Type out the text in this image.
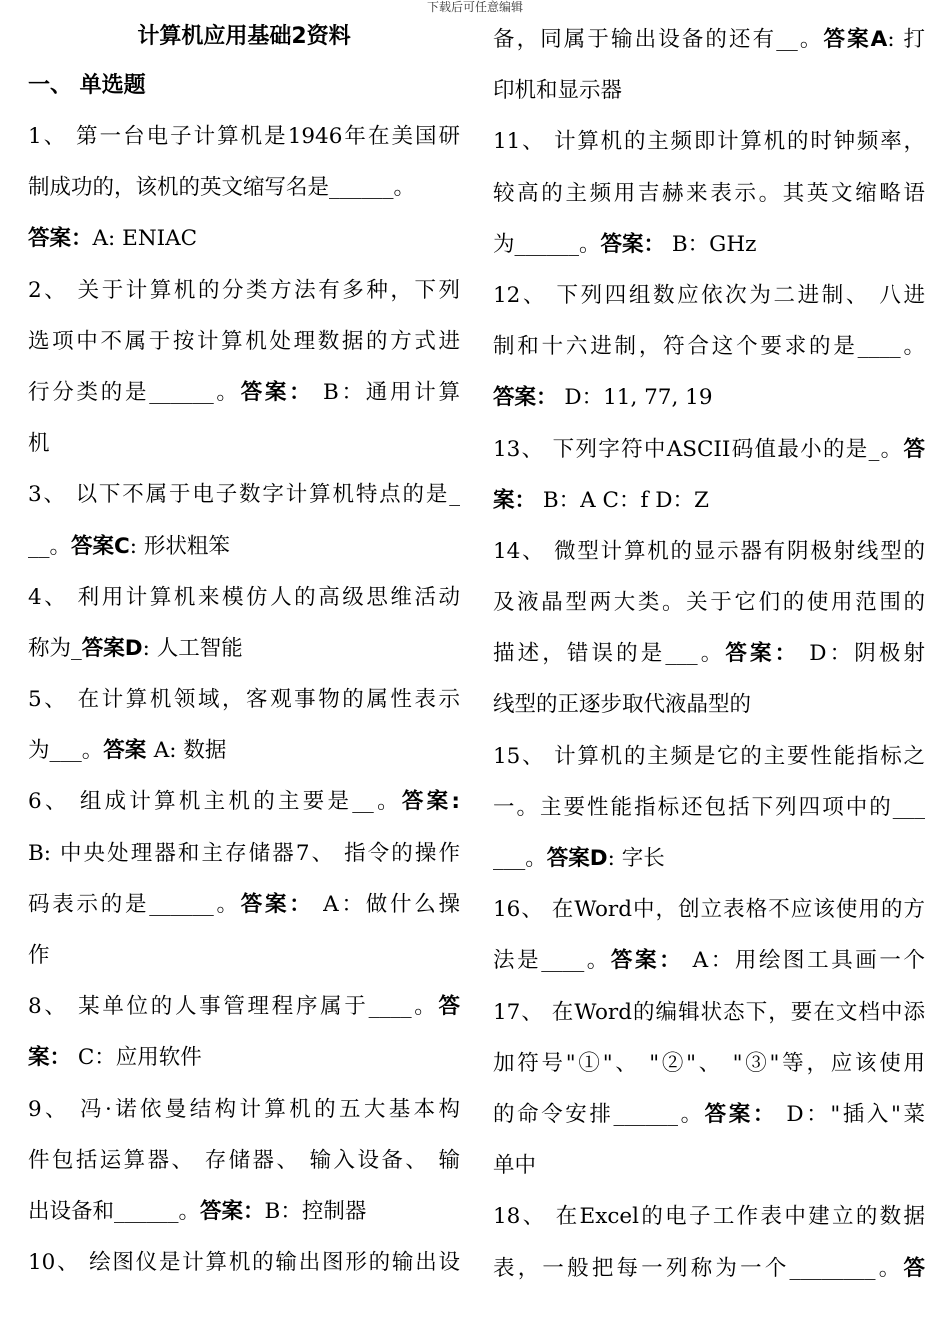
下载后可任意编辑
计算机应用基础2资料
一、 单选题
1、 第一台电子计算机是1946年在美国研
制成功的，该机的英文缩写名是______。
答案：A: ENIAC
2、 关于计算机的分类方法有多种，下列
选项中不属于按计算机处理数据的方式进
行分类的是______。答案： B：通用计算
机
3、 以下不属于电子数字计算机特点的是_
__。答案C: 形状粗笨
4、 利用计算机来模仿人的高级思维活动
称为_答案D: 人工智能
5、 在计算机领域，客观事物的属性表示
为___。答案 A: 数据
6、 组成计算机主机的主要是__。答案:
B: 中央处理器和主存储器7、 指令的操作
码表示的是______。答案： A：做什么操
作
8、 某单位的人事管理程序属于____。答
案： C：应用软件
9、 冯·诺依曼结构计算机的五大基本构
件包括运算器、 存储器、 输入设备、 输
出设备和______。答案：B：控制器
10、 绘图仪是计算机的输出图形的输出设
备，同属于输出设备的还有__。答案A: 打
印机和显示器
11、 计算机的主频即计算机的时钟频率，
较高的主频用吉赫来表示。其英文缩略语
为______。答案： B：GHz
12、 下列四组数应依次为二进制、 八进
制和十六进制，符合这个要求的是____。
答案： D：11, 77, 19
13、 下列字符中ASCII码值最小的是_。答
案： B：A C：f D：Z
14、 微型计算机的显示器有阴极射线型的
及液晶型两大类。关于它们的使用范围的
描述，错误的是___。答案： D：阴极射
线型的正逐步取代液晶型的
15、 计算机的主频是它的主要性能指标之
一。主要性能指标还包括下列四项中的___
___。答案D: 字长
16、 在Word中，创立表格不应该使用的方
法是____。答案： A：用绘图工具画一个
17、 在Word的编辑状态下，要在文档中添
加符号"①"、 "②"、 "③"等，应该使用
的命令安排______。答案： D："插入"菜
单中
18、 在Excel的电子工作表中建立的数据
表，一般把每一列称为一个________。答
